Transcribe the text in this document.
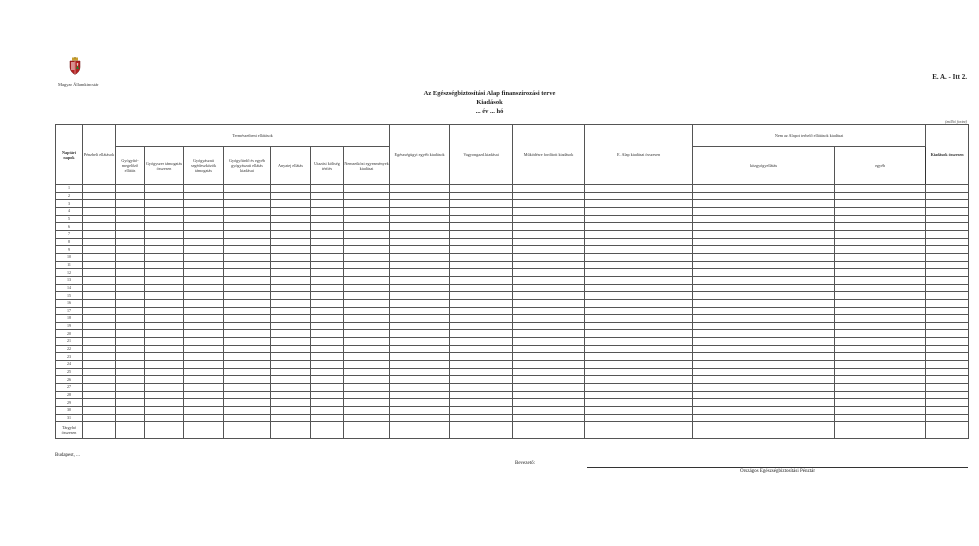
Magyar Államkincstár
E. A. - Itt 2.
Az Egészségbiztosítási Alap finanszírozási terve
Kiadások
... év ... hó
(millió forint)
Naptári napok	Pénzbeli ellátások	Természetbeni ellátások							Egészségügyi egyéb kiadások	Vagyongazd.kiadásai	Működésre fordított kiadások	E. Alap kiadásai összesen	Nem az Alapot terhelő ellátások kiadásai		Kiadások összesen
		Gyógyító-megelőző ellátás	Gyógyszer támogatás összesen	Gyógyászati segédeszközök támogatás	Gyógyfürdő és egyéb gyógyászati ellátás kiadásai	Anyatej ellátás	Utazási költség térítés	Nemzetközi egyezmények kiadásai					közgyógyellátás	egyéb	
1															
2															
3															
4															
5															
6															
7															
8															
9															
10															
11															
12															
13															
14															
15															
16															
17															
18															
19															
20															
21															
22															
23															
24															
25															
26															
27															
28															
29															
30															
31															
Tárgyhó összesen															
Budapest, ...
Bevezető:
Országos Egészségbiztosítási Pénztár
